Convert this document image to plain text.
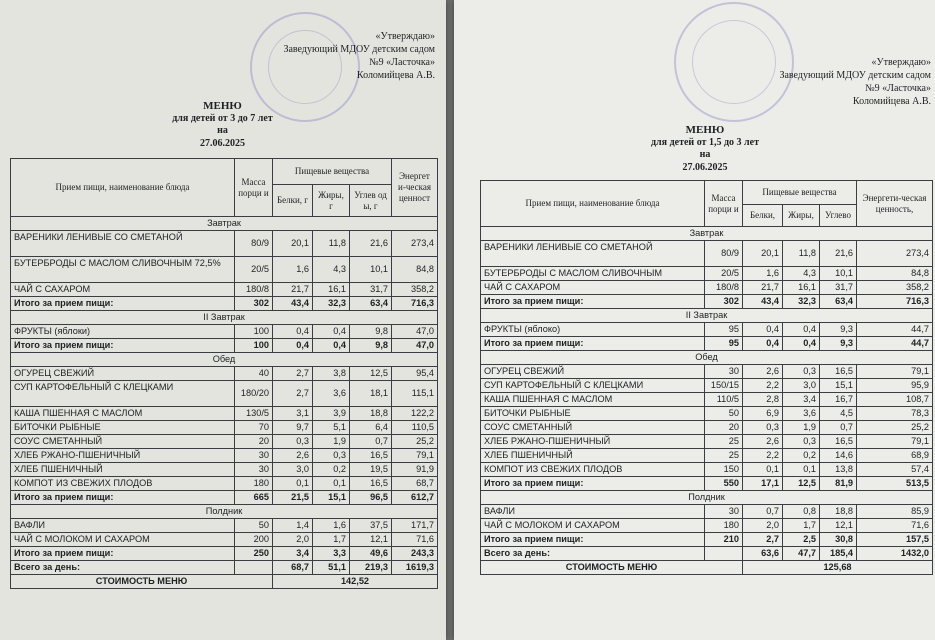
«Утверждаю»
Заведующий МДОУ детским садом
№9 «Ласточка»
Коломийцева А.В.
МЕНЮ
для детей от 3 до 7 лет
на
27.06.2025
Прием пищи, наименование блюда	Масса порци и	Пищевые вещества			Энергет и-ческая ценност
		Белки, г	Жиры, г	Углев од ы, г	
Завтрак					
ВАРЕНИКИ ЛЕНИВЫЕ СО СМЕТАНОЙ	80/9	20,1	11,8	21,6	273,4
БУТЕРБРОДЫ С МАСЛОМ СЛИВОЧНЫМ 72,5%	20/5	1,6	4,3	10,1	84,8
ЧАЙ С САХАРОМ	180/8	21,7	16,1	31,7	358,2
Итого за прием пищи:	302	43,4	32,3	63,4	716,3
II Завтрак					
ФРУКТЫ (яблоки)	100	0,4	0,4	9,8	47,0
Итого за прием пищи:	100	0,4	0,4	9,8	47,0
Обед					
ОГУРЕЦ СВЕЖИЙ	40	2,7	3,8	12,5	95,4
СУП КАРТОФЕЛЬНЫЙ С КЛЕЦКАМИ	180/20	2,7	3,6	18,1	115,1
КАША ПШЕННАЯ С МАСЛОМ	130/5	3,1	3,9	18,8	122,2
БИТОЧКИ РЫБНЫЕ	70	9,7	5,1	6,4	110,5
СОУС СМЕТАННЫЙ	20	0,3	1,9	0,7	25,2
ХЛЕБ РЖАНО-ПШЕНИЧНЫЙ	30	2,6	0,3	16,5	79,1
ХЛЕБ ПШЕНИЧНЫЙ	30	3,0	0,2	19,5	91,9
КОМПОТ ИЗ СВЕЖИХ ПЛОДОВ	180	0,1	0,1	16,5	68,7
Итого за прием пищи:	665	21,5	15,1	96,5	612,7
Полдник					
ВАФЛИ	50	1,4	1,6	37,5	171,7
ЧАЙ С МОЛОКОМ И САХАРОМ	200	2,0	1,7	12,1	71,6
Итого за прием пищи:	250	3,4	3,3	49,6	243,3
Всего за день:		68,7	51,1	219,3	1619,3
СТОИМОСТЬ МЕНЮ		142,52			
«Утверждаю»
Заведующий МДОУ детским садом
№9 «Ласточка»
Коломийцева А.В.
МЕНЮ
для детей от 1,5 до 3 лет
на
27.06.2025
Прием пищи, наименование блюда	Масса порци и	Пищевые вещества			Энергети-ческая ценность,
		Белки,	Жиры,	Углево	
Завтрак					
ВАРЕНИКИ ЛЕНИВЫЕ СО СМЕТАНОЙ	80/9	20,1	11,8	21,6	273,4
БУТЕРБРОДЫ С МАСЛОМ СЛИВОЧНЫМ	20/5	1,6	4,3	10,1	84,8
ЧАЙ С САХАРОМ	180/8	21,7	16,1	31,7	358,2
Итого за прием пищи:	302	43,4	32,3	63,4	716,3
II Завтрак					
ФРУКТЫ (яблоко)	95	0,4	0,4	9,3	44,7
Итого за прием пищи:	95	0,4	0,4	9,3	44,7
Обед					
ОГУРЕЦ СВЕЖИЙ	30	2,6	0,3	16,5	79,1
СУП КАРТОФЕЛЬНЫЙ С КЛЕЦКАМИ	150/15	2,2	3,0	15,1	95,9
КАША ПШЕННАЯ С МАСЛОМ	110/5	2,8	3,4	16,7	108,7
БИТОЧКИ РЫБНЫЕ	50	6,9	3,6	4,5	78,3
СОУС СМЕТАННЫЙ	20	0,3	1,9	0,7	25,2
ХЛЕБ РЖАНО-ПШЕНИЧНЫЙ	25	2,6	0,3	16,5	79,1
ХЛЕБ ПШЕНИЧНЫЙ	25	2,2	0,2	14,6	68,9
КОМПОТ ИЗ СВЕЖИХ ПЛОДОВ	150	0,1	0,1	13,8	57,4
Итого за прием пищи:	550	17,1	12,5	81,9	513,5
Полдник					
ВАФЛИ	30	0,7	0,8	18,8	85,9
ЧАЙ С МОЛОКОМ И САХАРОМ	180	2,0	1,7	12,1	71,6
Итого за прием пищи:	210	2,7	2,5	30,8	157,5
Всего за день:		63,6	47,7	185,4	1432,0
СТОИМОСТЬ МЕНЮ		125,68			
